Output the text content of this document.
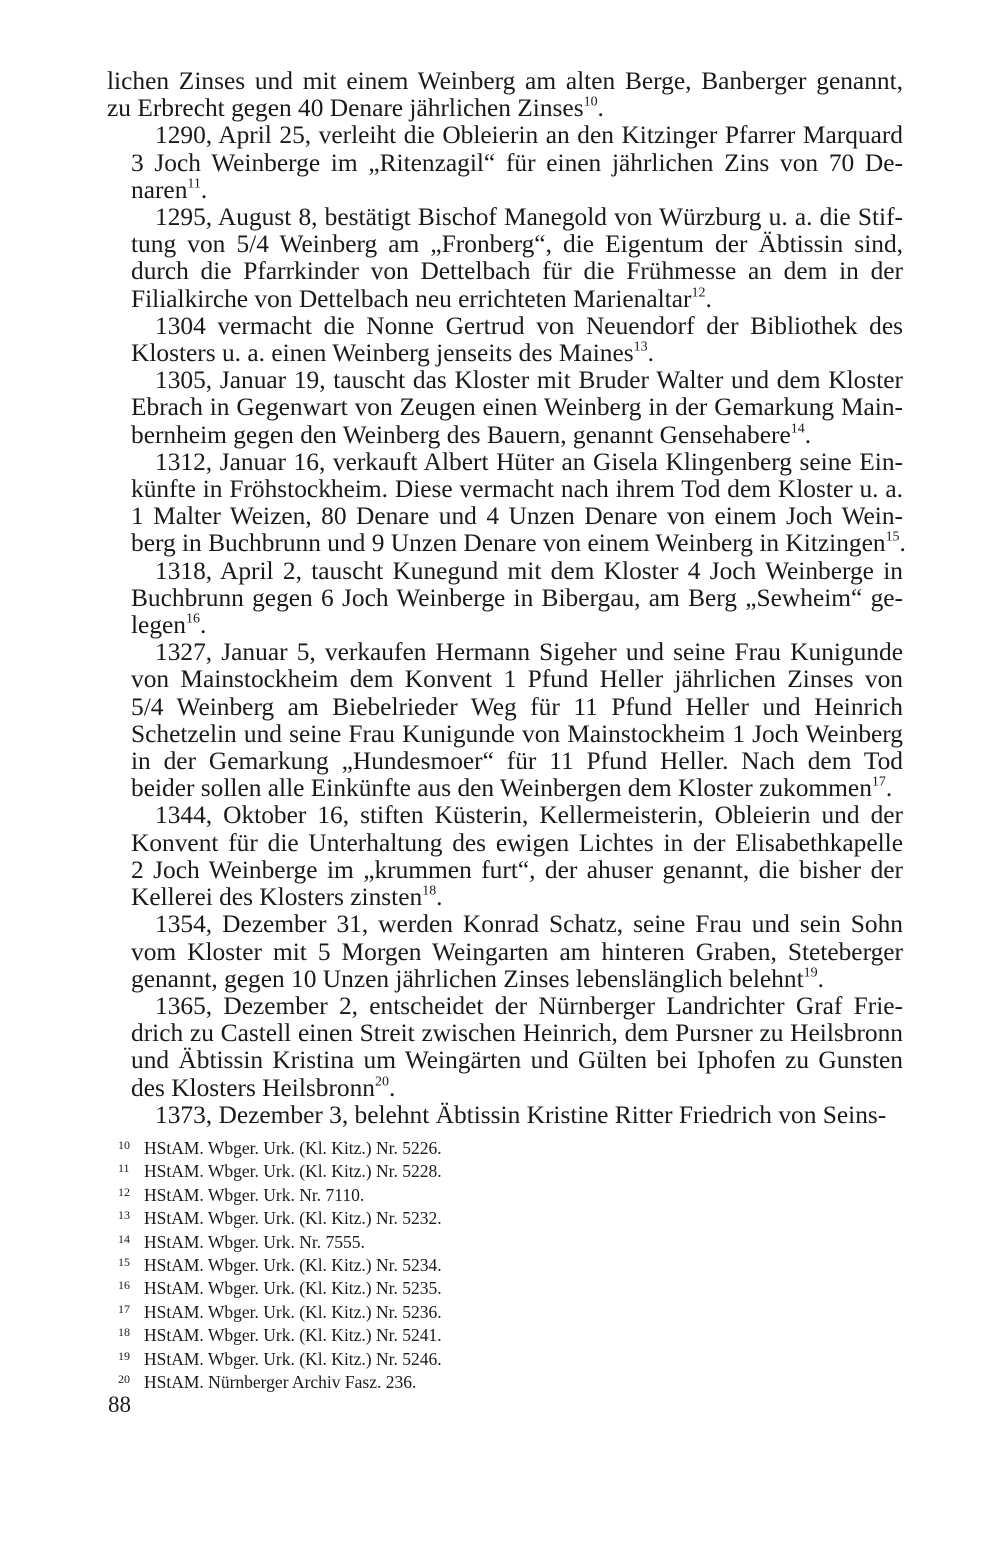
lichen Zinses und mit einem Weinberg am alten Berge, Banberger genannt,
zu Erbrecht gegen 40 Denare jährlichen Zinses$^{10}$.
1290, April 25, verleiht die Obleierin an den Kitzinger Pfarrer Marquard
3 Joch Weinberge im „Ritenzagil“ für einen jährlichen Zins von 70 De-
naren$^{11}$.
1295, August 8, bestätigt Bischof Manegold von Würzburg u. a. die Stif-
tung von 5/4 Weinberg am „Fronberg“, die Eigentum der Äbtissin sind,
durch die Pfarrkinder von Dettelbach für die Frühmesse an dem in der
Filialkirche von Dettelbach neu errichteten Marienaltar$^{12}$.
1304 vermacht die Nonne Gertrud von Neuendorf der Bibliothek des
Klosters u. a. einen Weinberg jenseits des Maines$^{13}$.
1305, Januar 19, tauscht das Kloster mit Bruder Walter und dem Kloster
Ebrach in Gegenwart von Zeugen einen Weinberg in der Gemarkung Main-
bernheim gegen den Weinberg des Bauern, genannt Gensehabere$^{14}$.
1312, Januar 16, verkauft Albert Hüter an Gisela Klingenberg seine Ein-
künfte in Fröhstockheim. Diese vermacht nach ihrem Tod dem Kloster u. a.
1 Malter Weizen, 80 Denare und 4 Unzen Denare von einem Joch Wein-
berg in Buchbrunn und 9 Unzen Denare von einem Weinberg in Kitzingen$^{15}$.
1318, April 2, tauscht Kunegund mit dem Kloster 4 Joch Weinberge in
Buchbrunn gegen 6 Joch Weinberge in Bibergau, am Berg „Sewheim“ ge-
legen$^{16}$.
1327, Januar 5, verkaufen Hermann Sigeher und seine Frau Kunigunde
von Mainstockheim dem Konvent 1 Pfund Heller jährlichen Zinses von
5/4 Weinberg am Biebelrieder Weg für 11 Pfund Heller und Heinrich
Schetzelin und seine Frau Kunigunde von Mainstockheim 1 Joch Weinberg
in der Gemarkung „Hundesmoer“ für 11 Pfund Heller. Nach dem Tod
beider sollen alle Einkünfte aus den Weinbergen dem Kloster zukommen$^{17}$.
1344, Oktober 16, stiften Küsterin, Kellermeisterin, Obleierin und der
Konvent für die Unterhaltung des ewigen Lichtes in der Elisabethkapelle
2 Joch Weinberge im „krummen furt“, der ahuser genannt, die bisher der
Kellerei des Klosters zinsten$^{18}$.
1354, Dezember 31, werden Konrad Schatz, seine Frau und sein Sohn
vom Kloster mit 5 Morgen Weingarten am hinteren Graben, Steteberger
genannt, gegen 10 Unzen jährlichen Zinses lebenslänglich belehnt$^{19}$.
1365, Dezember 2, entscheidet der Nürnberger Landrichter Graf Frie-
drich zu Castell einen Streit zwischen Heinrich, dem Pursner zu Heilsbronn
und Äbtissin Kristina um Weingärten und Gülten bei Iphofen zu Gunsten
des Klosters Heilsbronn$^{20}$.
1373, Dezember 3, belehnt Äbtissin Kristine Ritter Friedrich von Seins-
10 HStAM. Wbger. Urk. (Kl. Kitz.) Nr. 5226.
11 HStAM. Wbger. Urk. (Kl. Kitz.) Nr. 5228.
12 HStAM. Wbger. Urk. Nr. 7110.
13 HStAM. Wbger. Urk. (Kl. Kitz.) Nr. 5232.
14 HStAM. Wbger. Urk. Nr. 7555.
15 HStAM. Wbger. Urk. (Kl. Kitz.) Nr. 5234.
16 HStAM. Wbger. Urk. (Kl. Kitz.) Nr. 5235.
17 HStAM. Wbger. Urk. (Kl. Kitz.) Nr. 5236.
18 HStAM. Wbger. Urk. (Kl. Kitz.) Nr. 5241.
19 HStAM. Wbger. Urk. (Kl. Kitz.) Nr. 5246.
20 HStAM. Nürnberger Archiv Fasz. 236.
88
